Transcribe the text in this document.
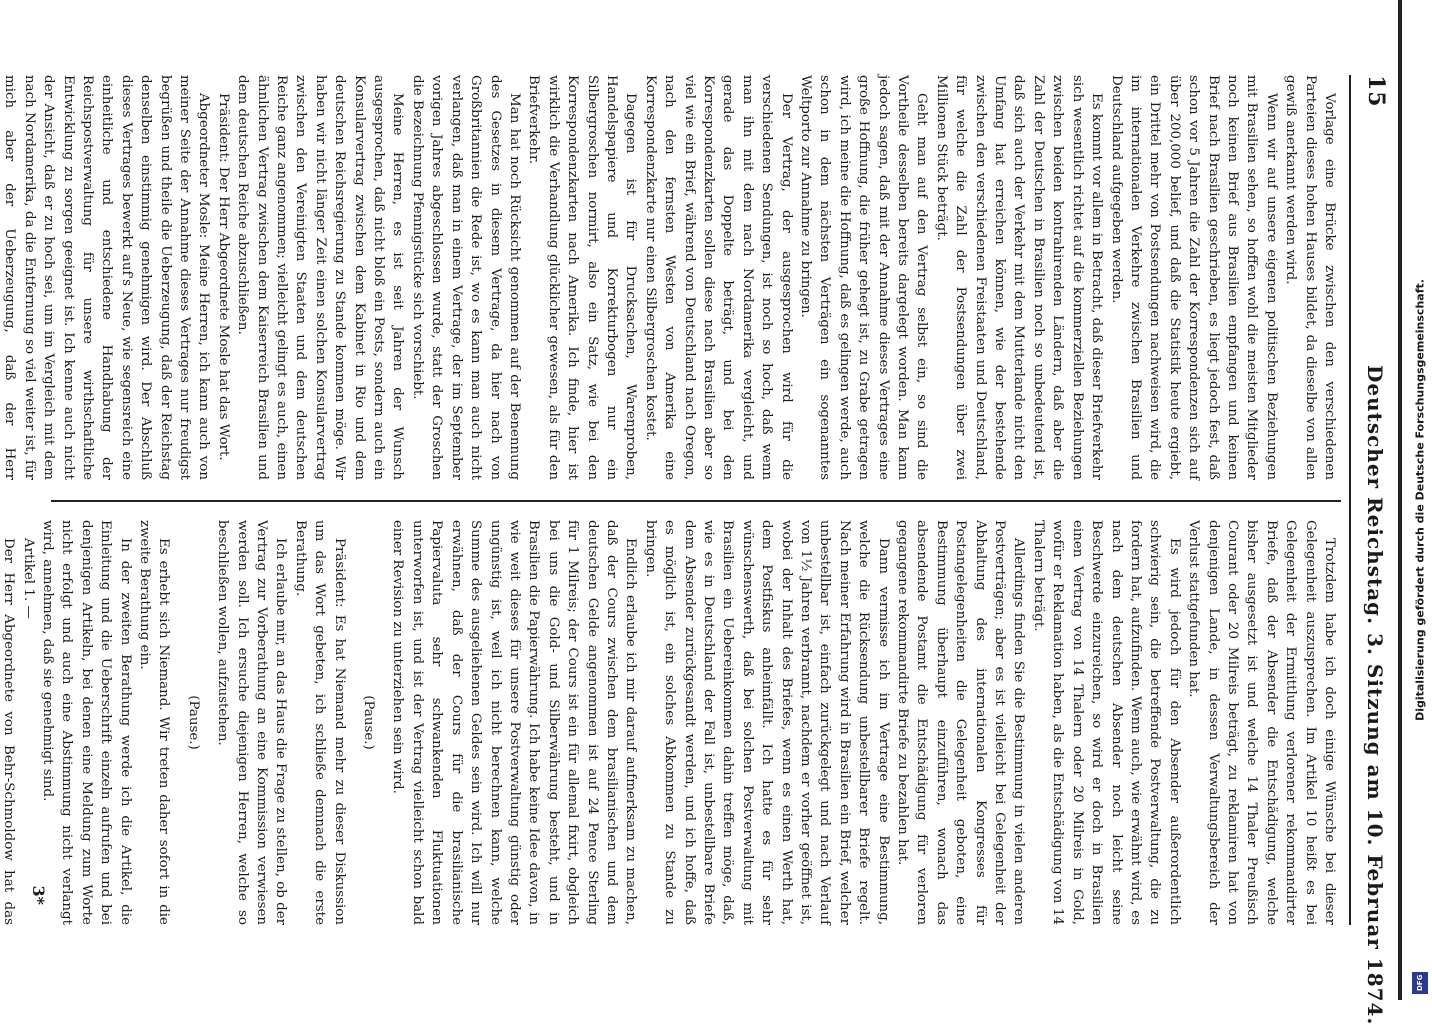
15
Deutscher Reichstag. 3. Sitzung am 10. Februar 1874.

Vorlage eine Brücke zwischen den verschiedenen Parteien dieses hohen Hauses bildet, da dieselbe von allen gewiß anerkannt werden wird.

Wenn wir auf unsere eigenen politischen Beziehungen mit Brasilien sehen, so hoffen wohl die meisten Mitglieder noch keinen Brief aus Brasilien empfangen und keinen Brief nach Brasilien geschrieben, es liegt jedoch fest, daß schon vor 5 Jahren die Zahl der Korrespondenzen sich auf über 200,000 belief, und daß die Statistik heute ergiebt, ein Drittel mehr von Postsendungen nachweisen wird, die im internationalen Verkehre zwischen Brasilien und Deutschland aufgegeben werden.

Es kommt vor allem in Betracht, daß dieser Briefverkehr sich wesentlich richtet auf die kommerziellen Beziehungen zwischen beiden kontrahirenden Ländern, daß aber die Zahl der Deutschen in Brasilien noch so unbedeutend ist, daß sich auch der Verkehr mit dem Mutterlande nicht den Umfang hat erreichen können, wie der bestehende zwischen den verschiedenen Freistaaten und Deutschland, für welche die Zahl der Postsendungen über zwei Millionen Stück beträgt.

Geht man auf den Vertrag selbst ein, so sind die Vortheile desselben bereits dargelegt worden. Man kann jedoch sagen, daß mit der Annahme dieses Vertrages eine große Hoffnung, die früher gehegt ist, zu Grabe getragen wird, ich meine die Hoffnung, daß es gelingen werde, auch schon in dem nächsten Verträgen ein sogenanntes Weltporto zur Annahme zu bringen.

Der Vertrag, der ausgesprochen wird für die verschiedenen Sendungen, ist noch so hoch, daß wenn man ihn mit dem nach Nordamerika vergleicht, und gerade das Doppelte beträgt, und bei den Korrespondenzkarten sollen diese nach Brasilien aber so viel wie ein Brief, während von Deutschland nach Oregon, nach den fernsten Westen von Amerika eine Korrespondenzkarte nur einen Silbergroschen kostet.

Dagegen ist für Drucksachen, Warenproben, Handelspapiere und Korrekturbogen nur ein Silbergroschen normirt, also ein Satz, wie bei den Korrespondenzkarten nach Amerika. Ich finde, hier ist wirklich die Verhandlung glücklicher gewesen, als für den Briefverkehr.

Man hat noch Rücksicht genommen auf der Benennung des Gesetzes in diesem Vertrage, da hier nach von Großbritannien die Rede ist, wo es kann man auch nicht verlangen, daß man in einem Vertrage, der im September vorigen Jahres abgeschlossen wurde, statt der Groschen die Bezeichnung Pfennigstücke sich vorschiebt.

Meine Herren, es ist seit Jahren der Wunsch ausgesprochen, daß nicht bloß ein Posts, sondern auch ein Konsularvertrag zwischen dem Kabinet in Rio und dem deutschen Reichsregierung zu Stande kommen möge. Wir haben wir nicht länger Zeit einen solchen Konsularvertrag zwischen den Vereinigten Staaten und dem deutschen Reiche ganz angenommen; vielleicht gelingt es auch, einen ähnlichen Vertrag zwischen dem Kaiserreich Brasilien und dem deutschen Reiche abzuschließen.

Präsident: Der Herr Abgeordnete Mosle hat das Wort.

Abgeordneter Mosle: Meine Herren, ich kann auch von meiner Seite der Annahme dieses Vertrages nur freudigst begrüßen und theile die Ueberzeugung, daß der Reichstag denselben einstimmig genehmigen wird. Der Abschluß dieses Vertrages bewerkt auf's Neue, wie segensreich eine einheitliche und entschiedene Handhabung der Reichspostverwaltung für unsere wirthschaftliche Entwicklung zu sorgen geeignet ist. Ich kenne auch nicht der Ansicht, daß er zu hoch sei, um im Vergleich mit dem nach Nordamerika, da die Entfernung so viel weiter ist, für mich aber der Ueberzeugung, daß der Herr

Trotzdem habe ich doch einige Wünsche bei dieser Gelegenheit auszusprechen. Im Artikel 10 heißt es bei Gelegenheit der Ermittlung verlorener rekommandirter Briefe, daß der Absender die Entschädigung, welche bisher ausgesetzt ist und welche 14 Thaler Preußisch Courant oder 20 Milreis beträgt, zu reklamiren hat von denjenigen Lande, in dessen Verwaltungsbereich der Verlust stattgefunden hat.

Es wird jedoch für den Absender außerordentlich schwierig sein, die betreffende Postverwaltung, die zu fordern hat, aufzufinden. Wenn auch, wie erwähnt wird, es nach dem deutschen Absender noch leicht seine Beschwerde einzureichen, so wird er doch in Brasilien einen Vertrag von 14 Thalern oder 20 Milreis in Gold, wofür er Reklamation haben, als die Entschädigung von 14 Thalern beträgt.

Allerdings finden Sie die Bestimmung in vielen anderen Postverträgen; aber es ist vielleicht bei Gelegenheit der Abhaltung des internationalen Kongresses für Postangelegenheiten die Gelegenheit geboten, eine Bestimmung überhaupt einzuführen, wonach das absendende Postamt die Entschädigung für verloren gegangene rekommandirte Briefe zu bezahlen hat.

Dann vermisse ich im Vertrage eine Bestimmung, welche die Rücksendung unbestellbarer Briefe regelt. Nach meiner Erfahrung wird in Brasilien ein Brief, welcher unbestellbar ist, einfach zurückgelegt und nach Verlauf von 1½ Jahren verbrannt, nachdem er vorher geöffnet ist, wobei der Inhalt des Briefes, wenn es einen Werth hat, dem Postfiskus anheimfällt. Ich hatte es für sehr wünschenswerth, daß bei solchen Postverwaltung mit Brasilien ein Uebereinkommen dahin treffen möge, daß, wie es in Deutschland der Fall ist, unbestellbare Briefe dem Absender zurückgesandt werden, und ich hoffe, daß es möglich ist, ein solches Abkommen zu Stande zu bringen.

Endlich erlaube ich mir darauf aufmerksam zu machen, daß der Cours zwischen dem brasilianischen und dem deutschen Gelde angenommen ist auf 24 Pence Sterling für 1 Milreis; der Cours ist ein für allemal fixirt, obgleich bei uns die Gold- und Silberwährung besteht, und in Brasilien die Papierwährung. Ich habe keine Idee davon, in wie weit dieses für unsere Postverwaltung günstig oder ungünstig ist, weil ich nicht berechnen kann, welche Summe des ausgeliehenen Geldes sein wird. Ich will nur erwähnen, daß der Cours für die brasilianische Papiervaluta sehr schwankenden Fluktuationen unterworfen ist, und ist der Vertrag vielleicht schon bald einer Revision zu unterziehen sein wird.

(Pause.)

Präsident: Es hat Niemand mehr zu dieser Diskussion um das Wort gebeten, ich schließe demnach die erste Berathung.

Ich erlaube mir, an das Haus die Frage zu stellen, ob der Vertrag zur Vorberathung an eine Kommission verwiesen werden soll. Ich ersuche diejenigen Herren, welche so beschließen wollen, aufzustehen.

(Pause.)

Es erhebt sich Niemand. Wir treten daher sofort in die zweite Berathung ein.

In der zweiten Berathung werde ich die Artikel, die Einleitung und die Ueberschrift einzeln aufrufen und bei denjenigen Artikeln, bei denen eine Meldung zum Worte nicht erfolgt und auch eine Abstimmung nicht verlangt wird, annehmen, daß sie genehmigt sind.

Artikel 1. —

Der Herr Abgeordnete von Behr-Schmoldow hat das

3*
Digitalisierung gefördert durch die Deutsche Forschungsgemeinschaft.
DFG
